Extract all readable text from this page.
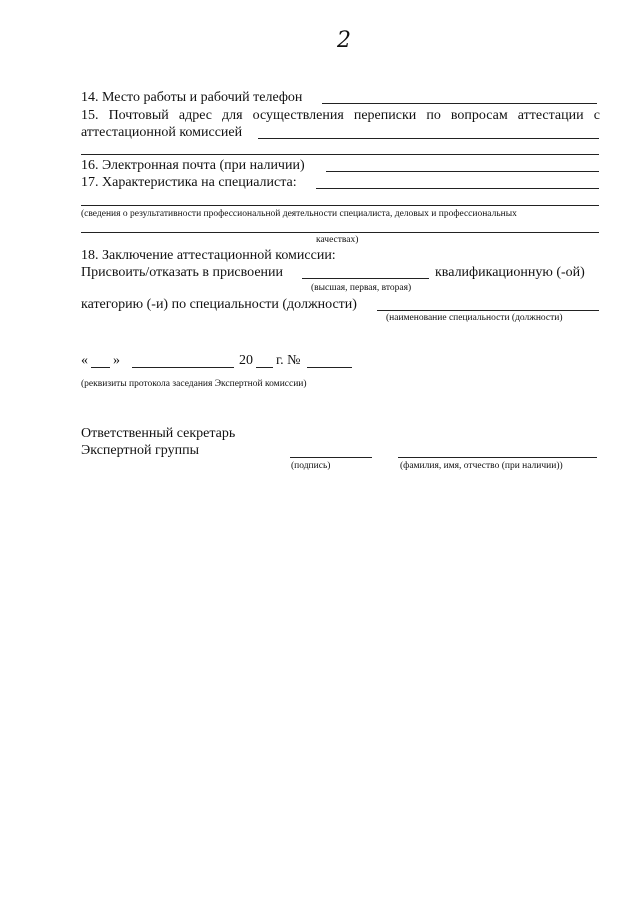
2
14. Место работы и рабочий телефон
15. Почтовый адрес для осуществления переписки по вопросам аттестации с
аттестационной комиссией
16. Электронная почта (при наличии)
17. Характеристика на специалиста:
(сведения о результативности профессиональной деятельности специалиста, деловых и профессиональных
качествах)
18. Заключение аттестационной комиссии:
Присвоить/отказать в присвоении	квалификационную (-ой)
(высшая, первая, вторая)
категорию (-и) по специальности (должности)
(наименование специальности (должности)
« »	20 г. №
(реквизиты протокола заседания Экспертной комиссии)
Ответственный секретарь
Экспертной группы
(подпись)	(фамилия, имя, отчество (при наличии))
